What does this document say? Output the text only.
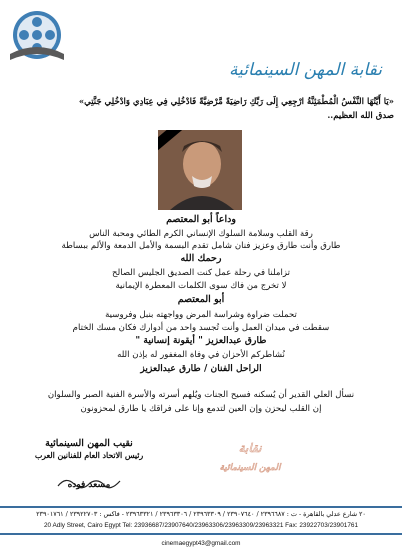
نقابة المهن السينمائية
«يَا أَيَّتُهَا النَّفْسُ الْمُطْمَئِنَّةُ ارْجِعِي إِلَى رَبِّكِ رَاضِيَةً مَّرْضِيَّةً فَادْخُلِي فِي عِبَادِي وَادْخُلِي جَنَّتِي»
صدق الله العظيم..
وداعاً أبو المعتصم
رقة القلب وسلامة السلوك الإنساني الكرم الطائي ومحبة الناس
طارق وأنت طارق وعزيز فنان شامل تقدم البسمة والأمل الدمعة والألم ببساطة
رحمك الله
تزاملنا في رحلة عمل كنت الصديق الجليس الصالح
لا تخرج من فاك سوى الكلمات المعطرة الإيمانية
أبو المعتصم
تحملت ضراوة وشراسة المرض وواجهته بنبل وفروسية
سقطت في ميدان العمل وأنت تُجسد واحد من أدوارك فكان مسك الختام
طارق عبدالعزيز " أيقونة إنسانية "
نُشاطركم الأحزان في وفاة المغفور له بإذن الله
الراحل الفنان / طارق عبدالعزيز
نسأل العلي القدير أن يُسكنه فسيح الجنات ويُلهم أسرته والأسرة الفنية الصبر والسلوان
إن القلب ليحزن وإن العين لتدمع وإنا على فراقك يا طارق لمحزونون
نقيب المهن السينمائية
رئيس الاتحاد العام للفنانين العرب
مسعد فوده
نقابة
المهن السينمائية
٢٠ شارع عدلي بالقاهرة - ت : ٢٣٩٦٦٨٧ / ٢٣٩٠٧٦٤٠ / ٢٣٩٦٣٣٠٩ / ٢٣٩٦٣٣٠٦ / ٢٣٩٦٣٣٢١ - فاكس : ٢٣٩٢٢٧٠٣ / ٢٣٩٠١٧٦١
20 Adly Street, Cairo Egypt Tel: 23936687/23907640/23963306/23963309/23963321 Fax: 23922703/23901761
cinemaegypt43@gmail.com
